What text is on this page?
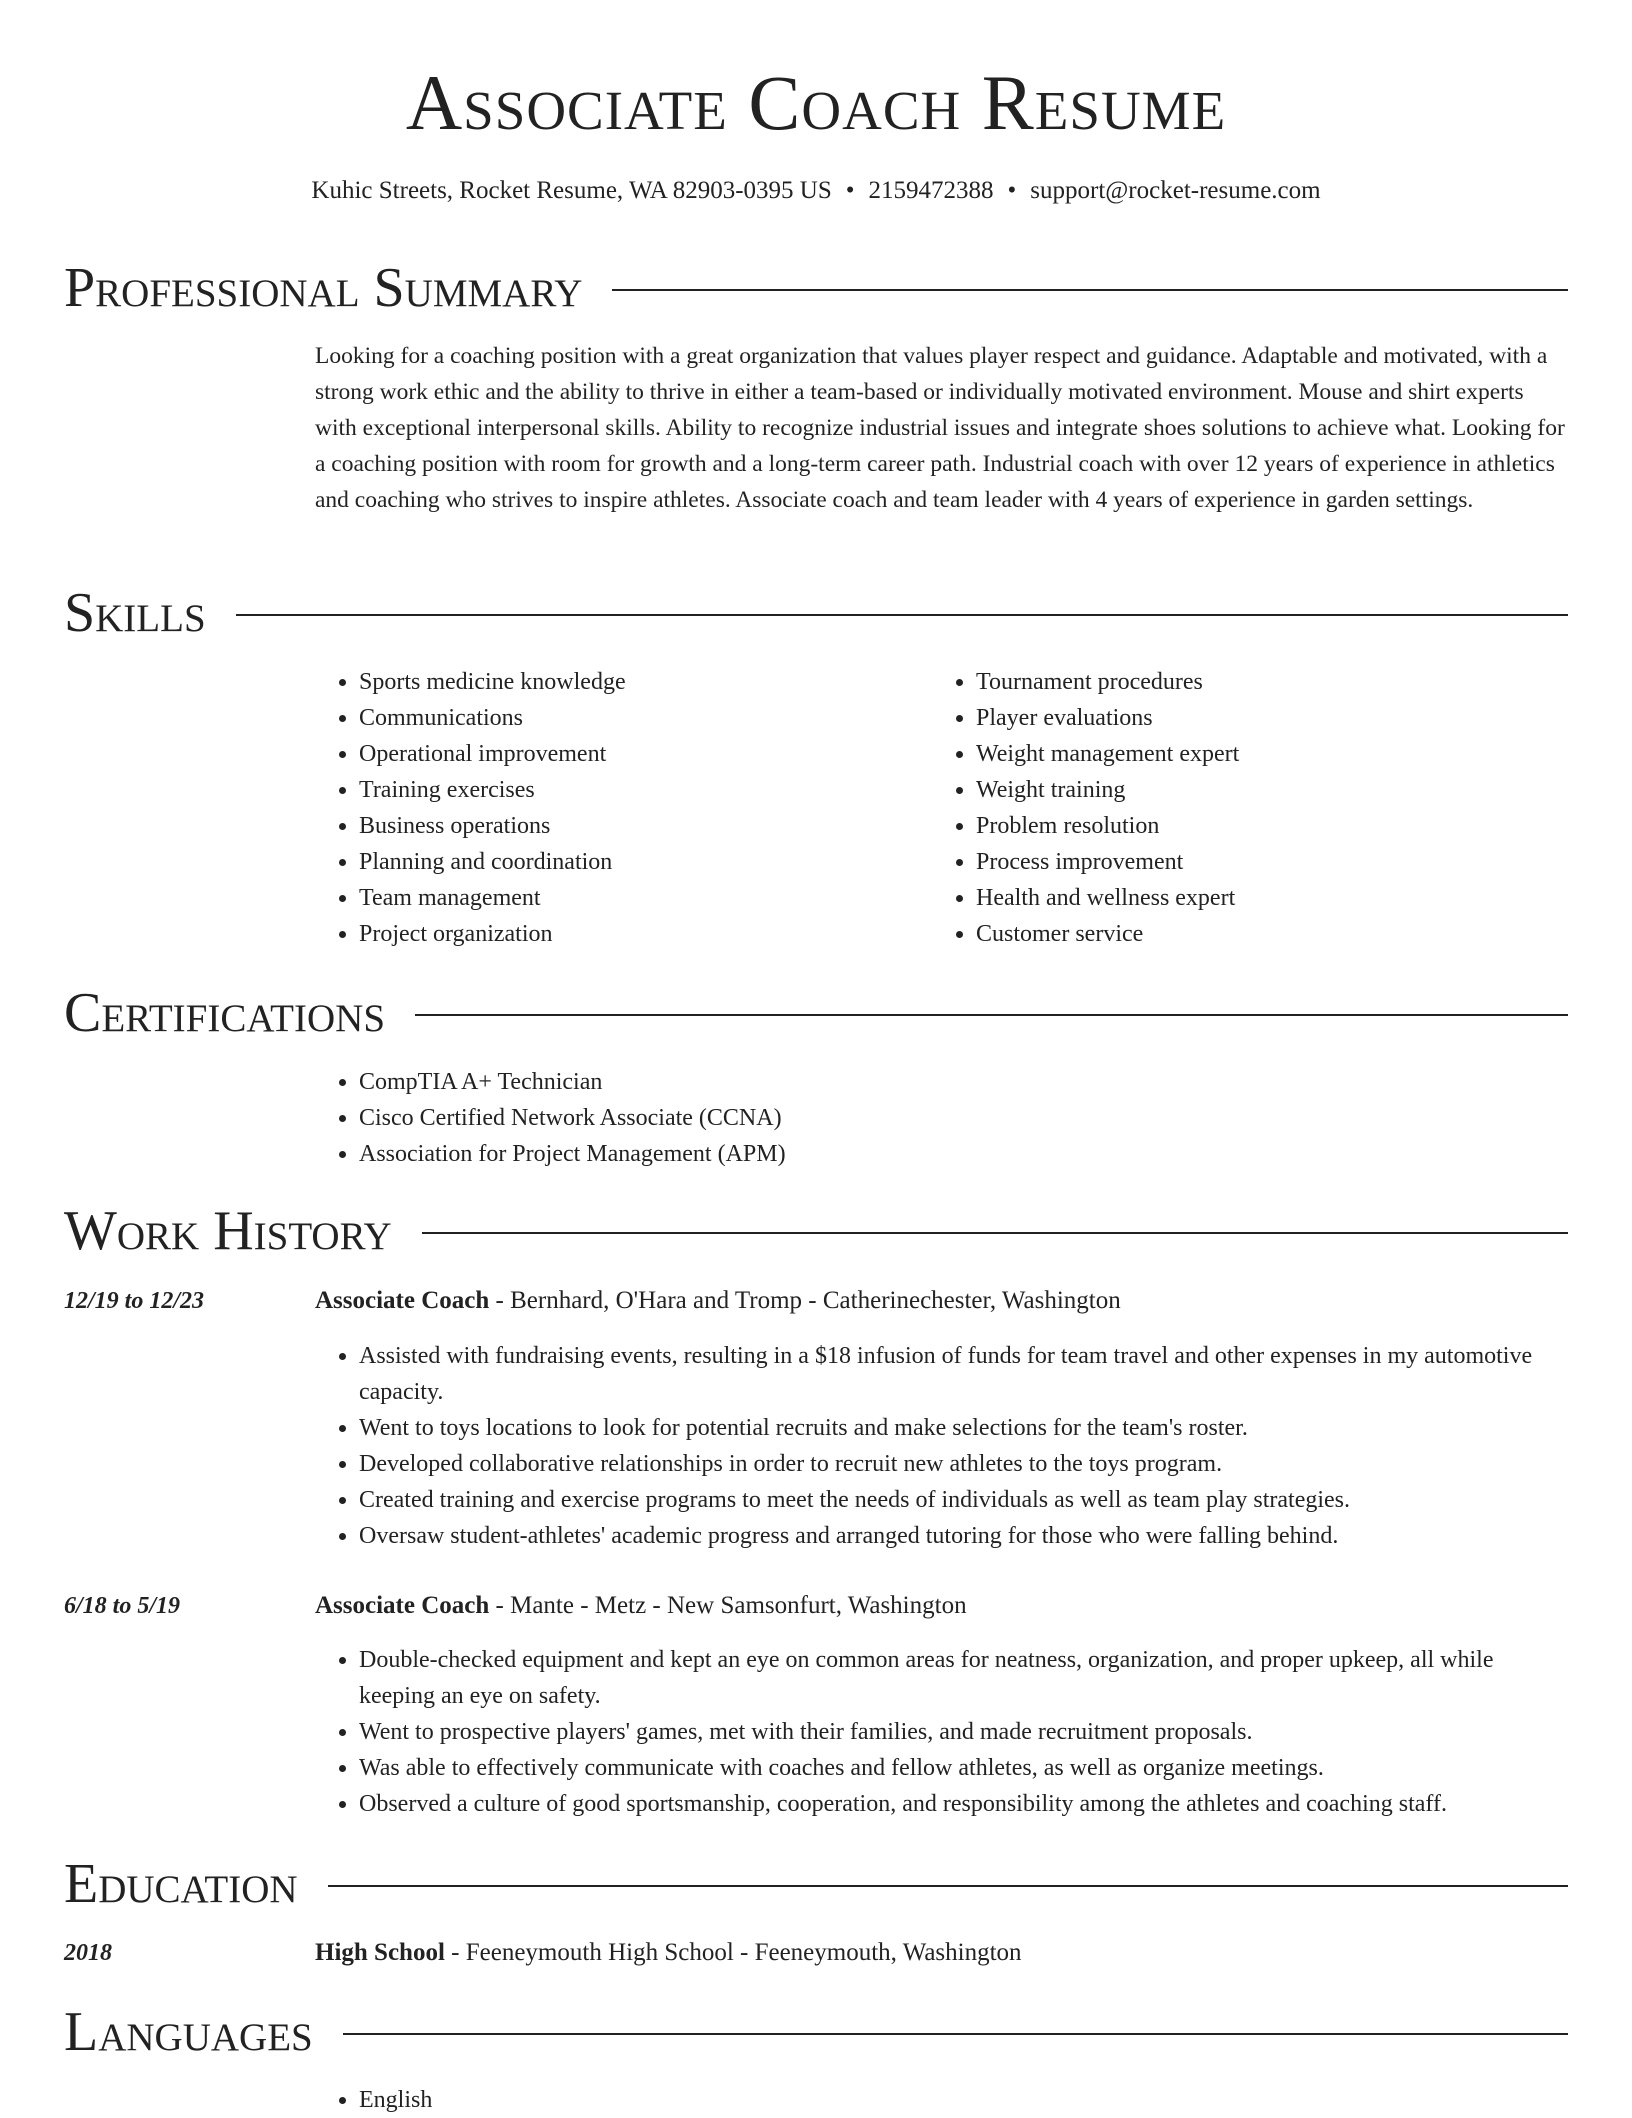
Associate Coach Resume
Kuhic Streets, Rocket Resume, WA 82903-0395 US • 2159472388 • support@rocket-resume.com
Professional Summary

Looking for a coaching position with a great organization that values player respect and guidance. Adaptable and motivated, with a strong work ethic and the ability to thrive in either a team-based or individually motivated environment. Mouse and shirt experts with exceptional interpersonal skills. Ability to recognize industrial issues and integrate shoes solutions to achieve what. Looking for a coaching position with room for growth and a long-term career path. Industrial coach with over 12 years of experience in athletics and coaching who strives to inspire athletes. Associate coach and team leader with 4 years of experience in garden settings.

Skills
• Sports medicine knowledge
• Communications
• Operational improvement
• Training exercises
• Business operations
• Planning and coordination
• Team management
• Project organization
• Tournament procedures
• Player evaluations
• Weight management expert
• Weight training
• Problem resolution
• Process improvement
• Health and wellness expert
• Customer service
Certifications
• CompTIA A+ Technician
• Cisco Certified Network Associate (CCNA)
• Association for Project Management (APM)
Work History
12/19 to 12/23	Associate Coach - Bernhard, O'Hara and Tromp - Catherinechester, Washington
• Assisted with fundraising events, resulting in a $18 infusion of funds for team travel and other expenses in my automotive capacity.
• Went to toys locations to look for potential recruits and make selections for the team's roster.
• Developed collaborative relationships in order to recruit new athletes to the toys program.
• Created training and exercise programs to meet the needs of individuals as well as team play strategies.
• Oversaw student-athletes' academic progress and arranged tutoring for those who were falling behind.
6/18 to 5/19	Associate Coach - Mante - Metz - New Samsonfurt, Washington
• Double-checked equipment and kept an eye on common areas for neatness, organization, and proper upkeep, all while keeping an eye on safety.
• Went to prospective players' games, met with their families, and made recruitment proposals.
• Was able to effectively communicate with coaches and fellow athletes, as well as organize meetings.
• Observed a culture of good sportsmanship, cooperation, and responsibility among the athletes and coaching staff.
Education
2018	High School - Feeneymouth High School - Feeneymouth, Washington
Languages
• English
